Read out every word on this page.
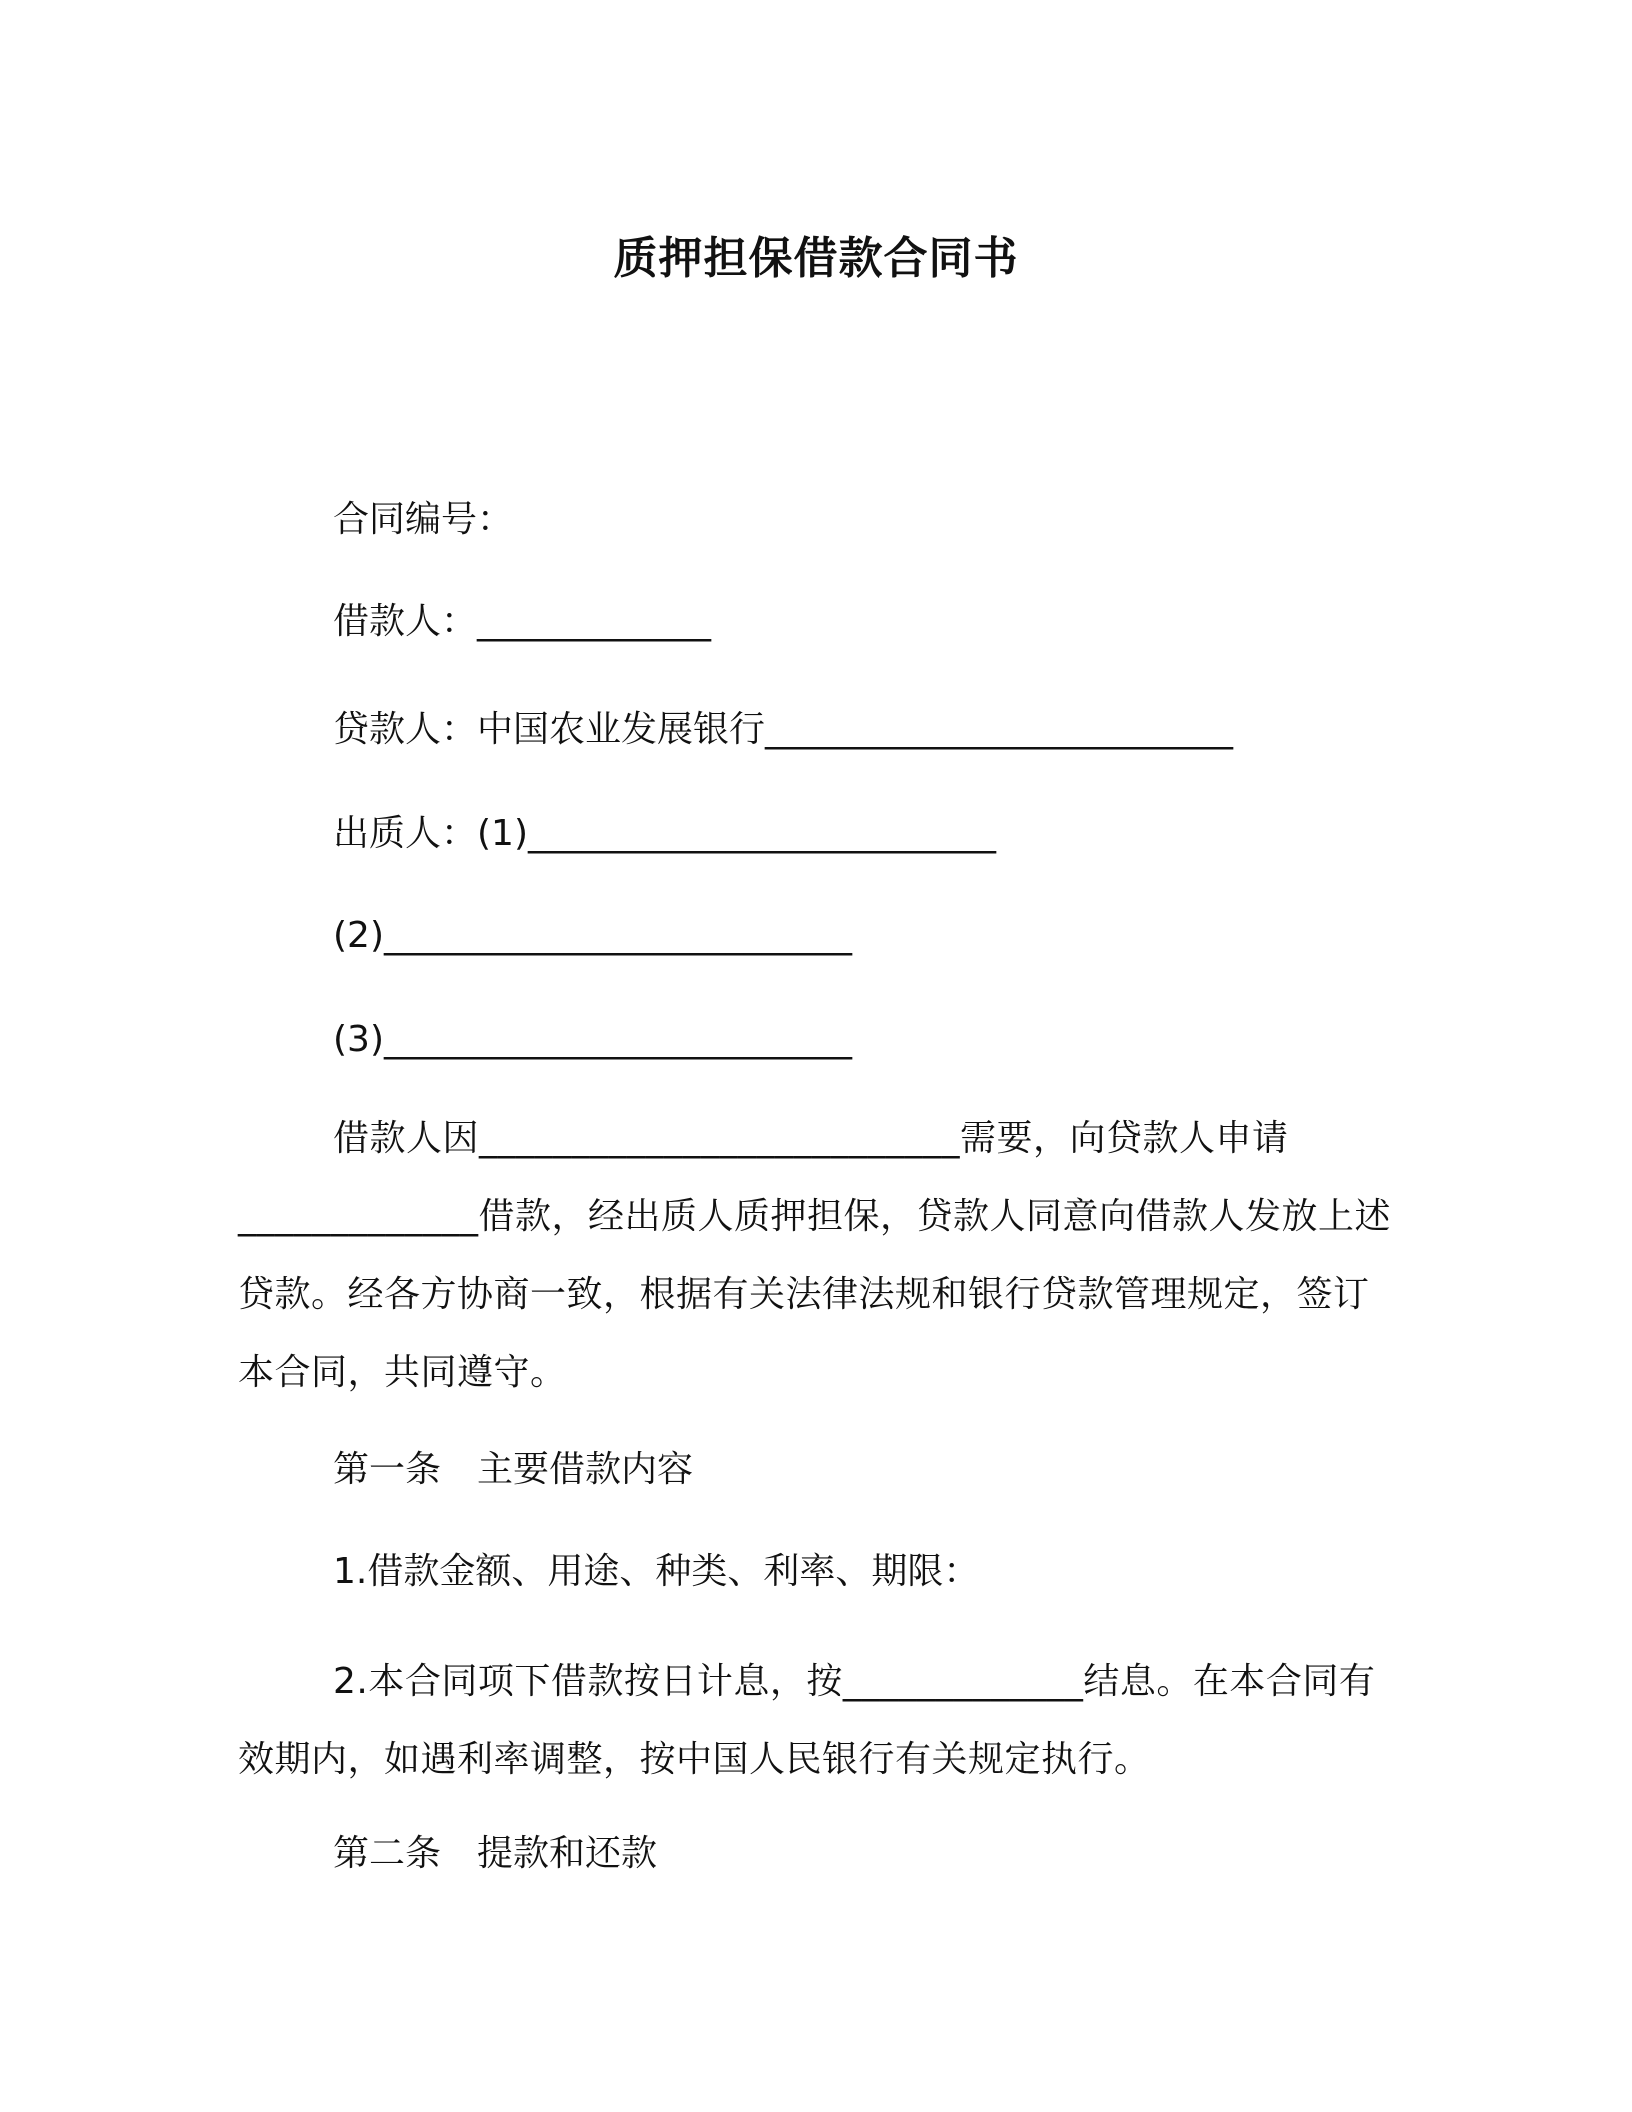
质押担保借款合同书

合同编号：

借款人：_____________

贷款人：中国农业发展银行__________________________

出质人：(1)__________________________

(2)__________________________

(3)__________________________

借款人因__________________________需要，向贷款人申请_____________借款，经出质人质押担保，贷款人同意向借款人发放上述贷款。经各方协商一致，根据有关法律法规和银行贷款管理规定，签订本合同，共同遵守。

第一条　主要借款内容

1.借款金额、用途、种类、利率、期限：

2.本合同项下借款按日计息，按_____________结息。在本合同有效期内，如遇利率调整，按中国人民银行有关规定执行。

第二条　提款和还款
